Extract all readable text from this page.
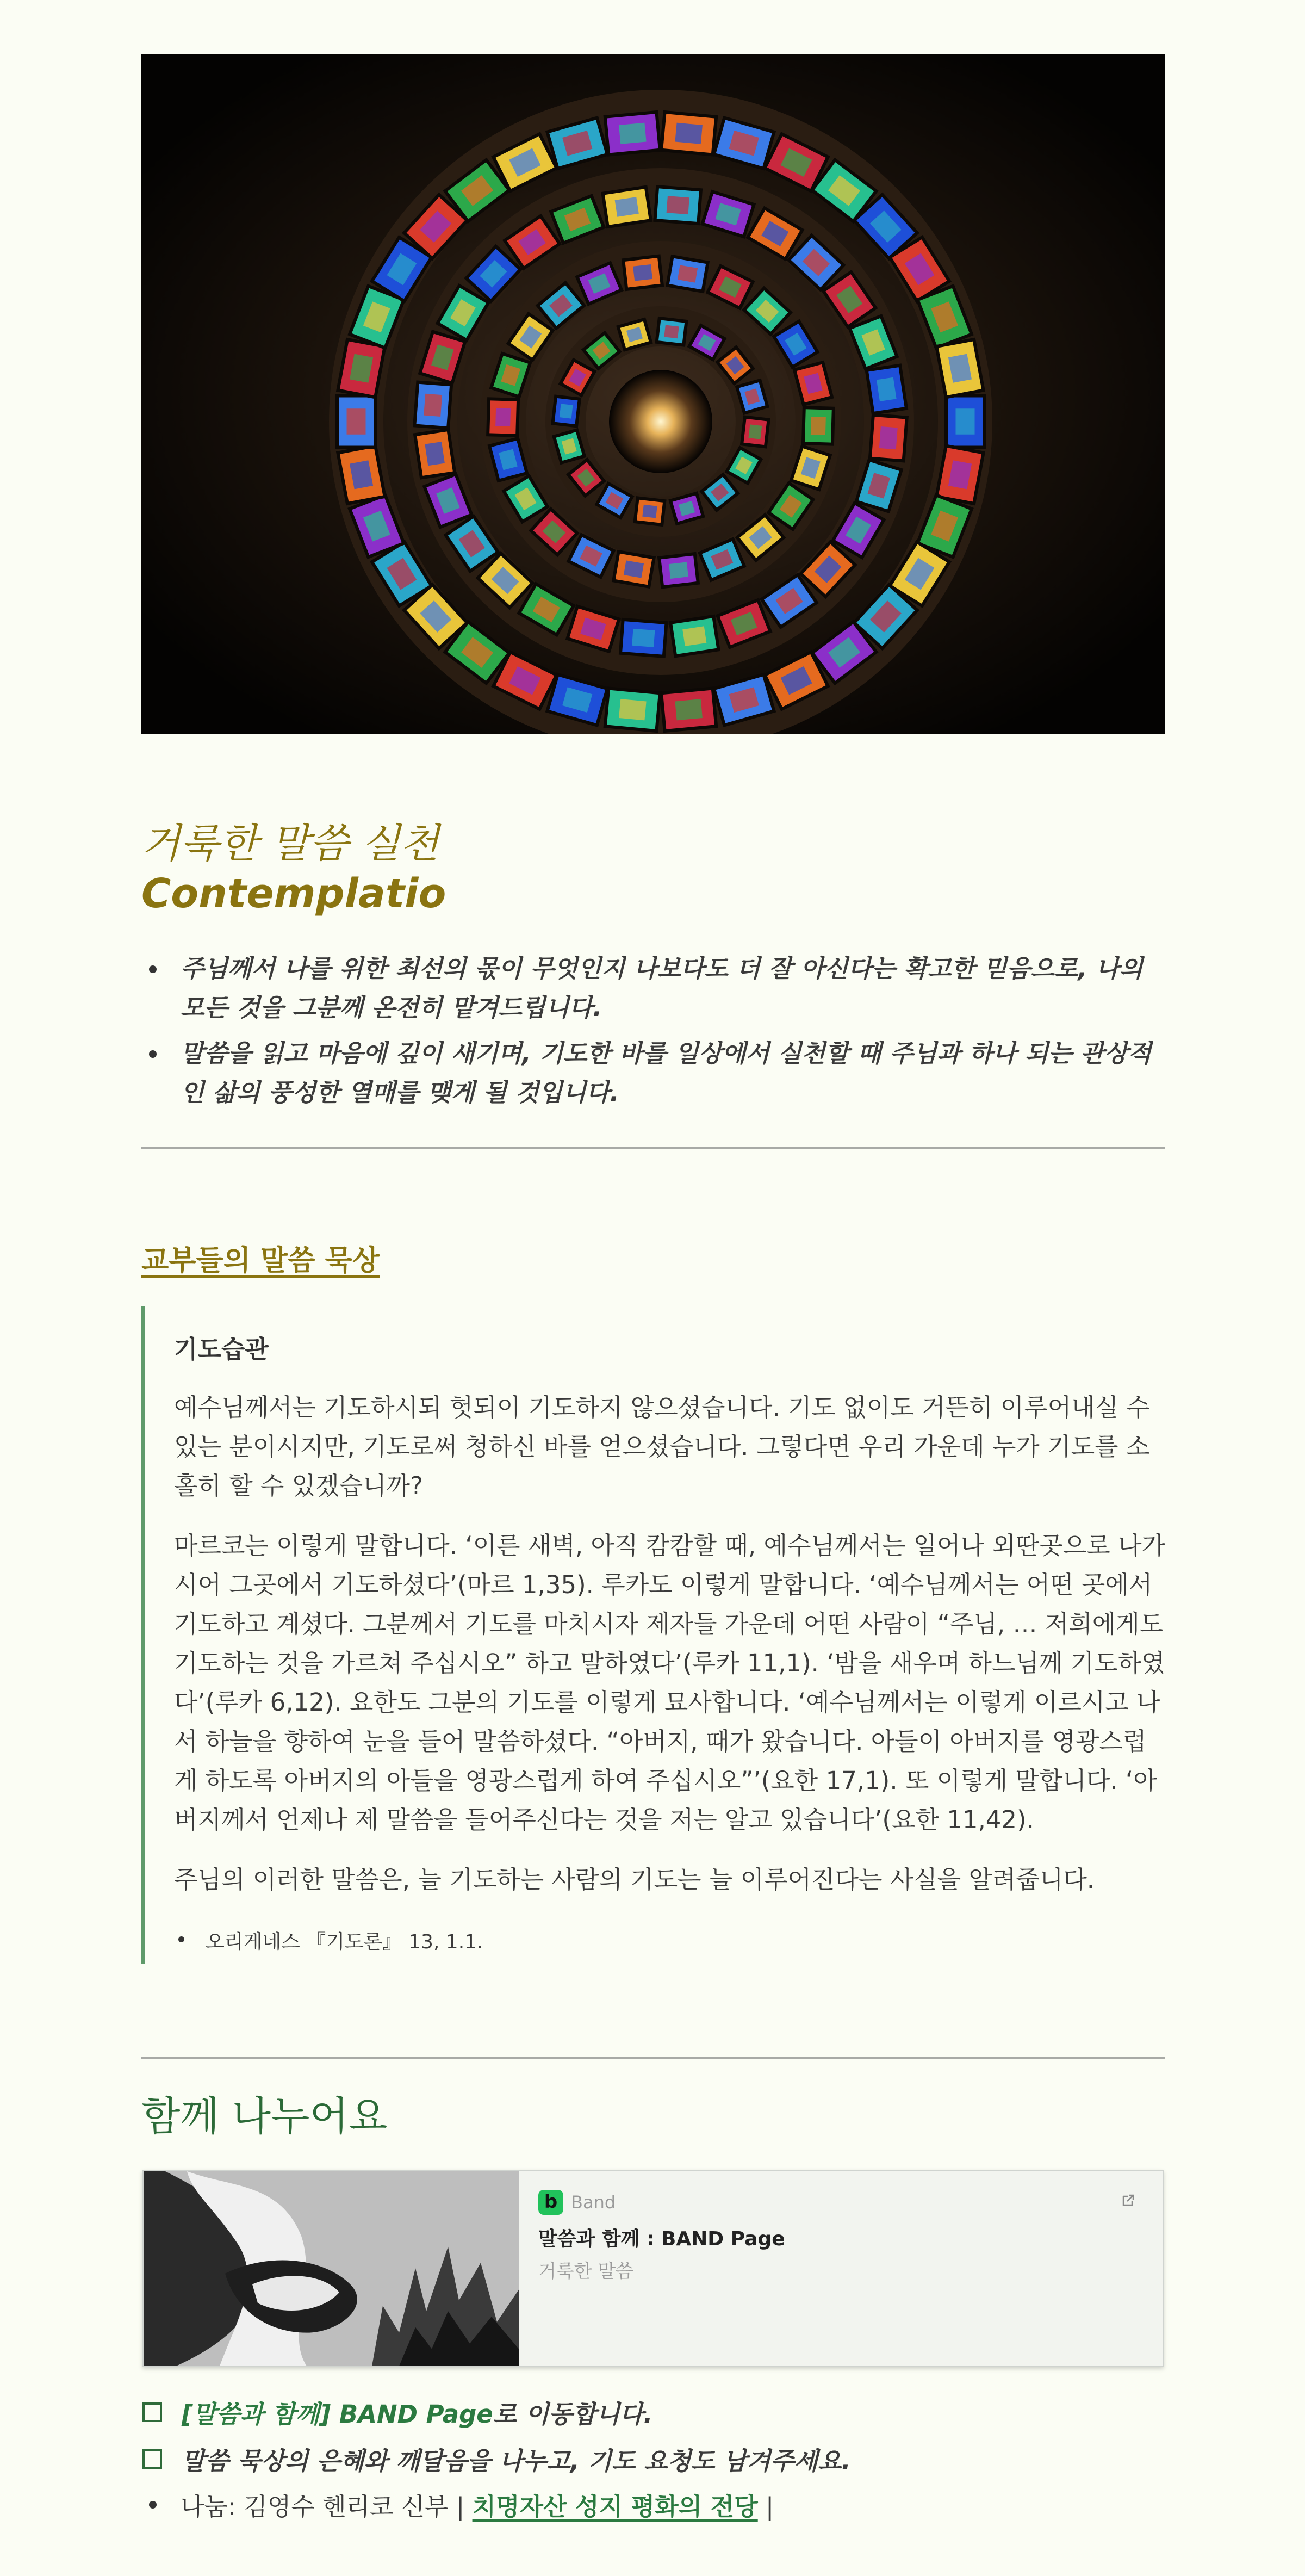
거룩한 말씀 실천
Contemplatio
주님께서 나를 위한 최선의 몫이 무엇인지 나보다도 더 잘 아신다는 확고한 믿음으로, 나의 모든 것을 그분께 온전히 맡겨드립니다.
말씀을 읽고 마음에 깊이 새기며, 기도한 바를 일상에서 실천할 때 주님과 하나 되는 관상적인 삶의 풍성한 열매를 맺게 될 것입니다.
교부들의 말씀 묵상
기도습관

예수님께서는 기도하시되 헛되이 기도하지 않으셨습니다. 기도 없이도 거뜬히 이루어내실 수 있는 분이시지만, 기도로써 청하신 바를 얻으셨습니다. 그렇다면 우리 가운데 누가 기도를 소홀히 할 수 있겠습니까?

마르코는 이렇게 말합니다. ‘이른 새벽, 아직 캄캄할 때, 예수님께서는 일어나 외딴곳으로 나가시어 그곳에서 기도하셨다’(마르 1,35). 루카도 이렇게 말합니다. ‘예수님께서는 어떤 곳에서 기도하고 계셨다. 그분께서 기도를 마치시자 제자들 가운데 어떤 사람이 “주님, … 저희에게도 기도하는 것을 가르쳐 주십시오” 하고 말하였다’(루카 11,1). ‘밤을 새우며 하느님께 기도하였다’(루카 6,12). 요한도 그분의 기도를 이렇게 묘사합니다. ‘예수님께서는 이렇게 이르시고 나서 하늘을 향하여 눈을 들어 말씀하셨다. “아버지, 때가 왔습니다. 아들이 아버지를 영광스럽게 하도록 아버지의 아들을 영광스럽게 하여 주십시오”’(요한 17,1). 또 이렇게 말합니다. ‘아버지께서 언제나 제 말씀을 들어주신다는 것을 저는 알고 있습니다’(요한 11,42).

주님의 이러한 말씀은, 늘 기도하는 사람의 기도는 늘 이루어진다는 사실을 알려줍니다.

오리게네스 『기도론』 13, 1.1.
함께 나누어요
b
Band
말씀과 함께 : BAND Page
거룩한 말씀
[말씀과 함께] BAND Page 로 이동합니다.
말씀 묵상의 은혜와 깨달음을 나누고, 기도 요청도 남겨주세요.
나눔: 김영수 헨리코 신부 | 치명자산 성지 평화의 전당 |
